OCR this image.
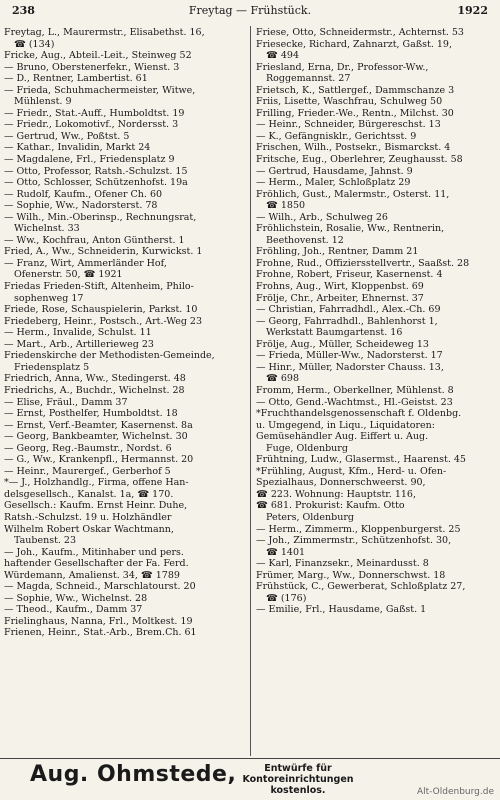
238	Freytag — Frühstück.	1922
Freytag, L., Maurermstr., Elisabethst. 16,
☎ (134)
Fricke, Aug., Abteil.-Leit., Steinweg 52
— Bruno, Oberstenerfekr., Wienst. 3
— D., Rentner, Lambertist. 61
— Frieda, Schuhmachermeister, Witwe,
Mühlenst. 9
— Friedr., Stat.-Auff., Humboldtst. 19
— Friedr., Lokomotivf., Nordersst. 3
— Gertrud, Ww., Poßtst. 5
— Kathar., Invalidin, Markt 24
— Magdalene, Frl., Friedensplatz 9
— Otto, Professor, Ratsh.-Schulzst. 15
— Otto, Schlosser, Schützenhofst. 19a
— Rudolf, Kaufm., Ofener Ch. 60
— Sophie, Ww., Nadorsterst. 78
— Wilh., Min.-Oberinsp., Rechnungsrat,
Wichelnst. 33
— Ww., Kochfrau, Anton Güntherst. 1
Fried, A., Ww., Schneiderin, Kurwickst. 1
— Franz, Wirt, Ammerländer Hof,
Ofenerstr. 50, ☎ 1921
Friedas Frieden-Stift, Altenheim, Philo-
sophenweg 17
Friede, Rose, Schauspielerin, Parkst. 10
Friedeberg, Heinr., Postsch., Art.-Weg 23
— Herm., Invalide, Schulst. 11
— Mart., Arb., Artillerieweg 23
Friedenskirche der Methodisten-Gemeinde,
Friedensplatz 5
Friedrich, Anna, Ww., Stedingerst. 48
Friedrichs, A., Buchdr., Wichelnst. 28
— Elise, Fräul., Damm 37
— Ernst, Posthelfer, Humboldtst. 18
— Ernst, Verf.-Beamter, Kasernenst. 8a
— Georg, Bankbeamter, Wichelnst. 30
— Georg, Reg.-Baumstr., Nordst. 6
— G., Ww., Krankenpfl., Hermannst. 20
— Heinr., Maurergef., Gerberhof 5
*— J., Holzhandlg., Firma, offene Han-
delsgesellsch., Kanalst. 1a, ☎ 170.
Gesellsch.: Kaufm. Ernst Heinr. Duhe,
Ratsh.-Schulzst. 19 u. Holzhändler
Wilhelm Robert Oskar Wachtmann,
Taubenst. 23
— Joh., Kaufm., Mitinhaber und pers.
haftender Gesellschafter der Fa. Ferd.
Würdemann, Amalienst. 34, ☎ 1789
— Magda, Schneid., Marschlatourst. 20
— Sophie, Ww., Wichelnst. 28
— Theod., Kaufm., Damm 37
Frielinghaus, Nanna, Frl., Moltkest. 19
Frienen, Heinr., Stat.-Arb., Brem.Ch. 61
Friese, Otto, Schneidermstr., Achternst. 53
Friesecke, Richard, Zahnarzt, Gaßst. 19,
☎ 494
Friesland, Erna, Dr., Professor-Ww.,
Roggemannst. 27
Frietsch, K., Sattlergef., Dammschanze 3
Friis, Lisette, Waschfrau, Schulweg 50
Frilling, Frieder.-We., Rentn., Milchst. 30
— Heinr., Schneider, Bürgereschst. 13
— K., Gefängnisklr., Gerichtsst. 9
Frischen, Wilh., Postsekr., Bismarckst. 4
Fritsche, Eug., Oberlehrer, Zeughausst. 58
— Gertrud, Hausdame, Jahnst. 9
— Herm., Maler, Schloßplatz 29
Fröhlich, Gust., Malermstr., Osterst. 11,
☎ 1850
— Wilh., Arb., Schulweg 26
Fröhlichstein, Rosalie, Ww., Rentnerin,
Beethovenst. 12
Fröhling, Joh., Rentner, Damm 21
Frohne, Rud., Offiziersstellvertr., Saaßst. 28
Frohne, Robert, Friseur, Kasernenst. 4
Frohns, Aug., Wirt, Kloppenbst. 69
Frölje, Chr., Arbeiter, Ehnernst. 37
— Christian, Fahrradhdl., Alex.-Ch. 69
— Georg, Fahrradhdl., Bahlenhorst 1,
Werkstatt Baumgartenst. 16
Frölje, Aug., Müller, Scheideweg 13
— Frieda, Müller-Ww., Nadorsterst. 17
— Hinr., Müller, Nadorster Chauss. 13,
☎ 698
Fromm, Herm., Oberkellner, Mühlenst. 8
— Otto, Gend.-Wachtmst., Hl.-Geistst. 23
*Fruchthandelsgenossenschaft f. Oldenbg.
u. Umgegend, in Liqu., Liquidatoren:
Gemüsehändler Aug. Eiffert u. Aug.
Fuge, Oldenburg
Frühtning, Ludw., Glasermst., Haarenst. 45
*Frühling, August, Kfm., Herd- u. Ofen-
Spezialhaus, Donnerschweerst. 90,
☎ 223. Wohnung: Hauptstr. 116,
☎ 681. Prokurist: Kaufm. Otto
Peters, Oldenburg
— Herm., Zimmerm., Kloppenburgerst. 25
— Joh., Zimmermstr., Schützenhofst. 30,
☎ 1401
— Karl, Finanzsekr., Meinardusst. 8
Frümer, Marg., Ww., Donnerschwst. 18
Frühstück, C., Gewerberat, Schloßplatz 27,
☎ (176)
— Emilie, Frl., Hausdame, Gaßst. 1
Aug. Ohmstede,	Entwürfe für Kontoreinrichtungen
kostenlos.	Alt-Oldenburg.de
